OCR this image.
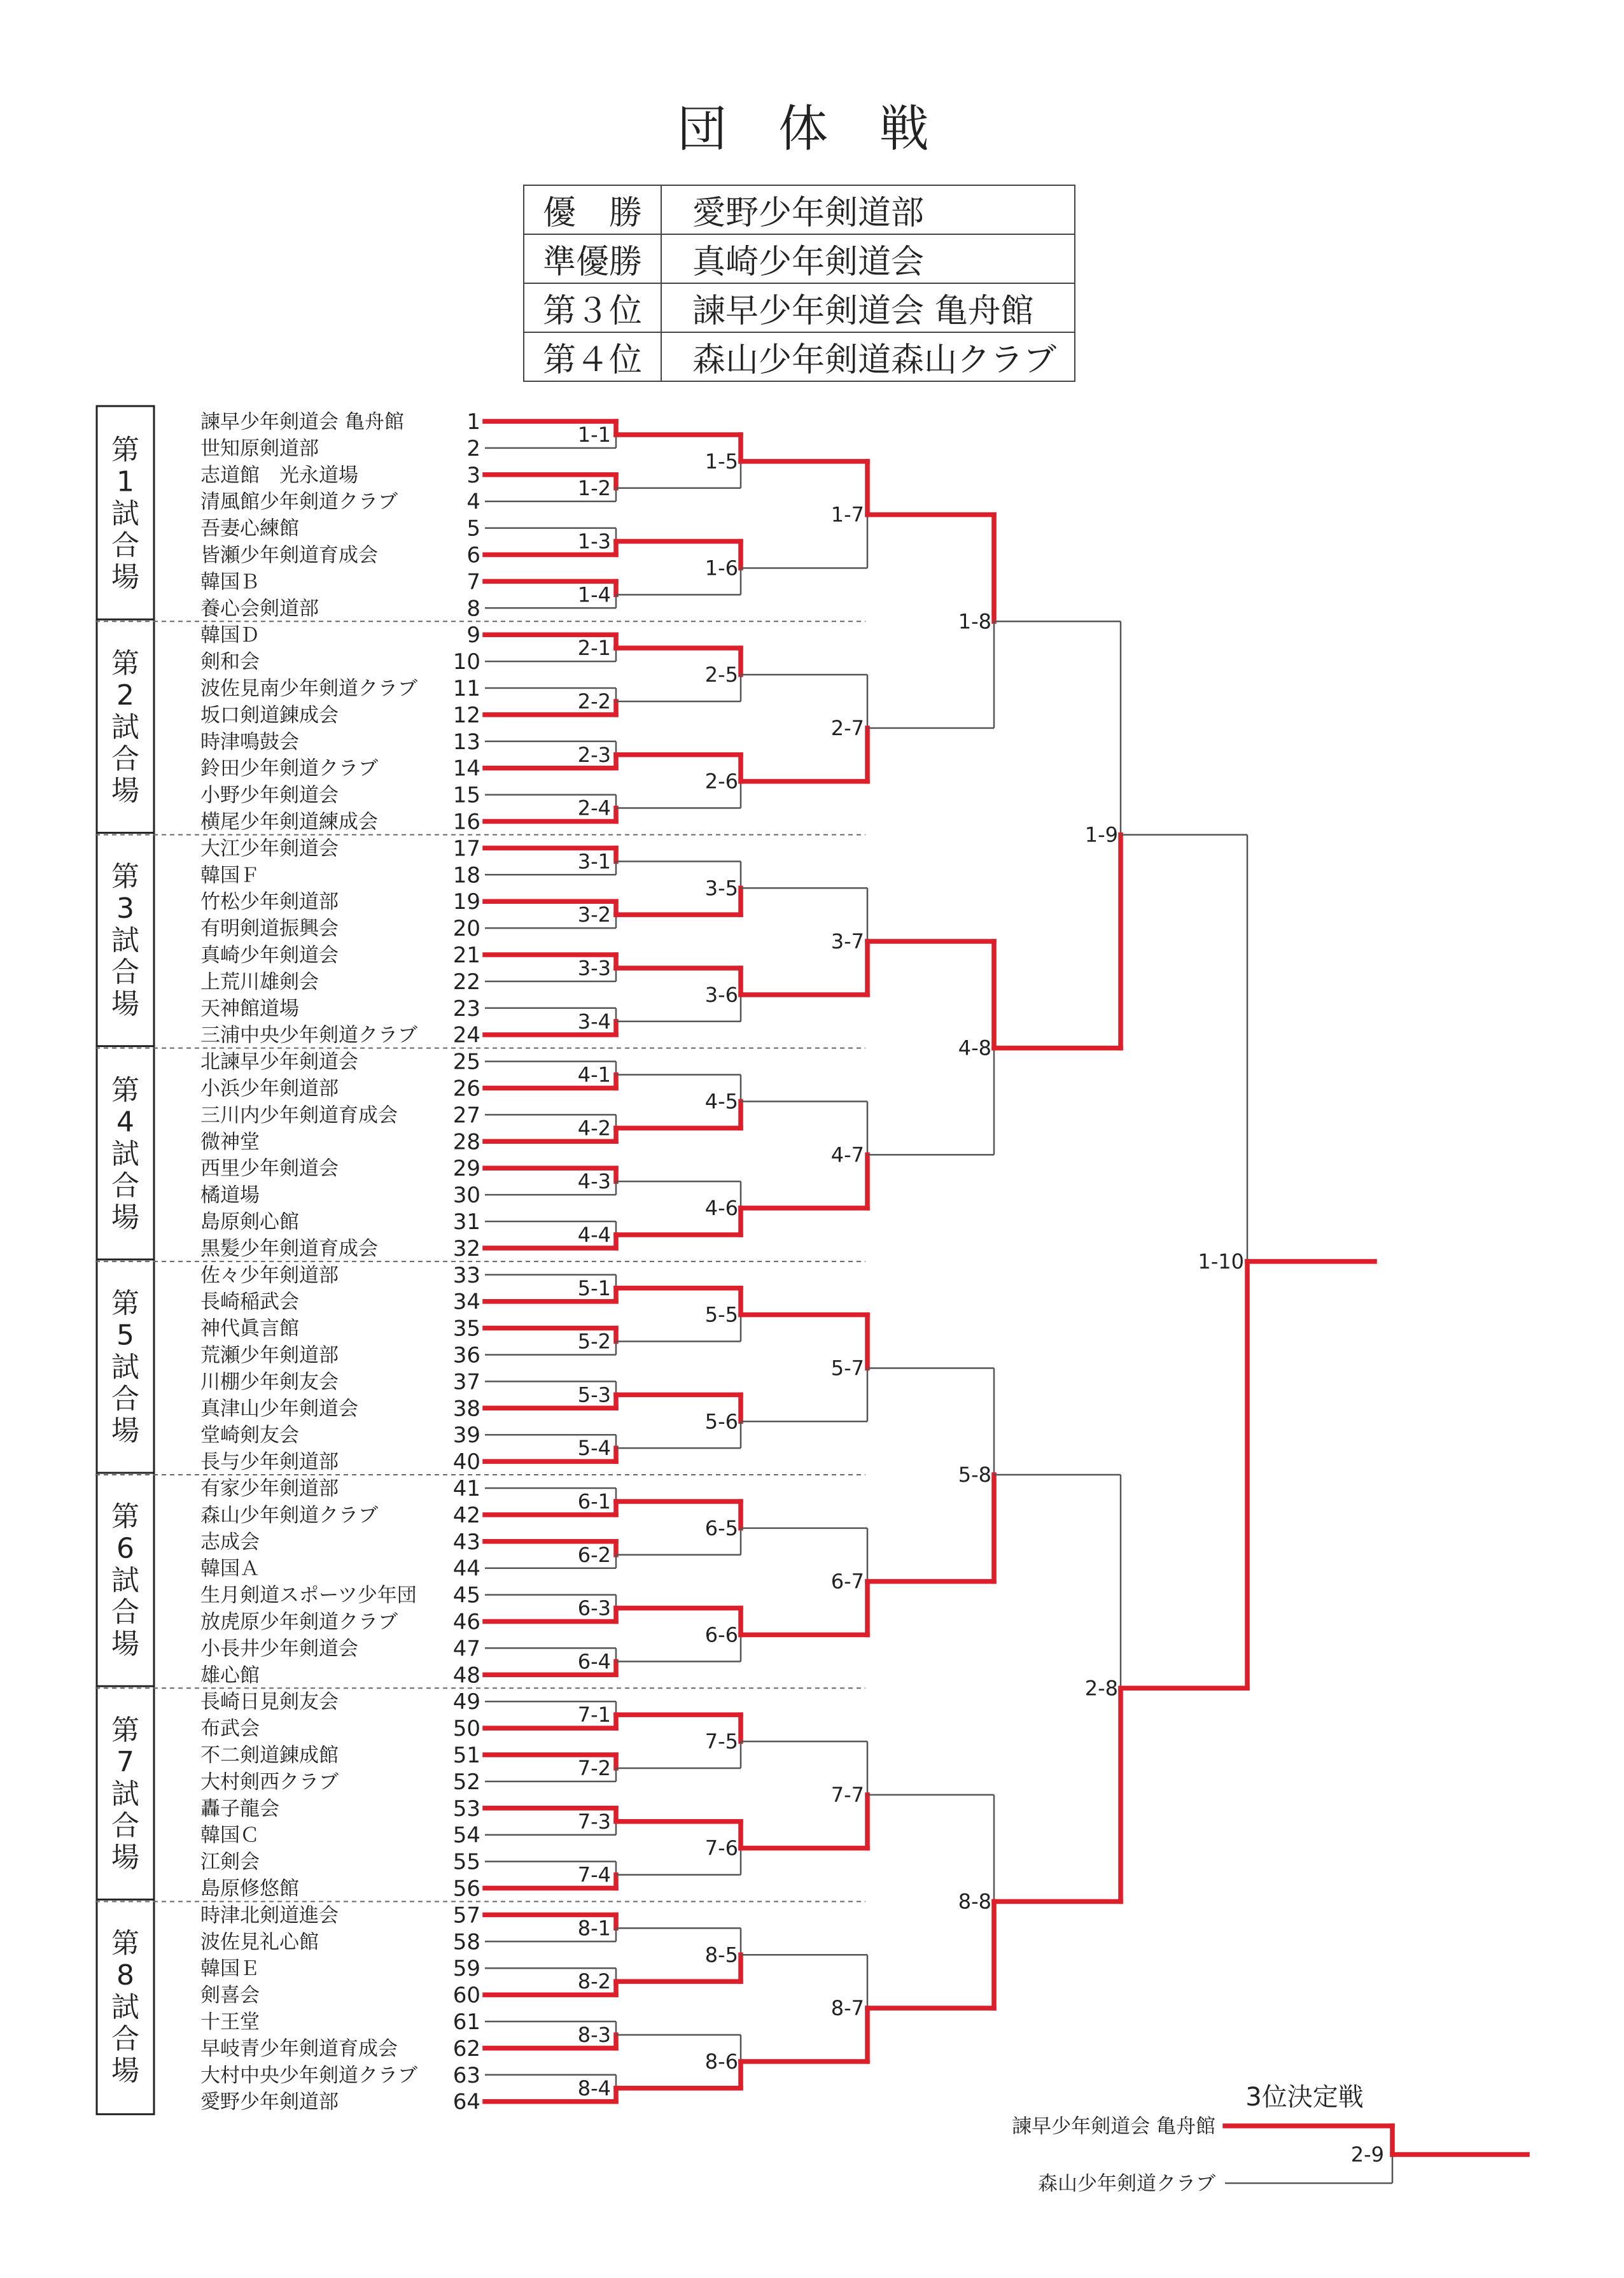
団 体 戦
優　勝	愛野少年剣道部
準優勝	真崎少年剣道会
第３位	諫早少年剣道会 亀舟館
第４位	森山少年剣道森山クラブ
第
1
試
合
場
第
2
試
合
場
第
3
試
合
場
第
4
試
合
場
第
5
試
合
場
第
6
試
合
場
第
7
試
合
場
第
8
試
合
場
諫早少年剣道会 亀舟館	1
世知原剣道部	2
志道館　光永道場	3
清風館少年剣道クラブ	4
吾妻心練館	5
皆瀬少年剣道育成会	6
韓国Ｂ	7
養心会剣道部	8
韓国Ｄ	9
剣和会	10
波佐見南少年剣道クラブ 11
坂口剣道錬成会	12
時津鳴鼓会	13
鈴田少年剣道クラブ	14
小野少年剣道会	15
横尾少年剣道練成会	16
大江少年剣道会	17
韓国Ｆ	18
竹松少年剣道部	19
有明剣道振興会	20
真崎少年剣道会	21
上荒川雄剣会	22
天神館道場	23
三浦中央少年剣道クラブ 24
北諫早少年剣道会	25
小浜少年剣道部	26
三川内少年剣道育成会	27
微神堂	28
西里少年剣道会	29
橘道場	30
島原剣心館	31
黒髪少年剣道育成会	32
佐々少年剣道部	33
長崎稲武会	34
神代眞言館	35
荒瀬少年剣道部	36
川棚少年剣友会	37
真津山少年剣道会	38
堂崎剣友会	39
長与少年剣道部	40
有家少年剣道部	41
森山少年剣道クラブ	42
志成会	43
韓国Ａ	44
生月剣道スポーツ少年団 45
放虎原少年剣道クラブ	46
小長井少年剣道会	47
雄心館	48
長崎日見剣友会	49
布武会	50
不二剣道錬成館	51
大村剣西クラブ	52
轟子龍会	53
韓国Ｃ	54
江剣会	55
島原修悠館	56
時津北剣道進会	57
波佐見礼心館	58
韓国Ｅ	59
剣喜会	60
十王堂	61
早岐青少年剣道育成会	62
大村中央少年剣道クラブ 63
愛野少年剣道部	64
1-1
1-2
1-3
1-4
2-1
2-2
2-3
2-4
3-1
3-2
3-3
3-4
4-1
4-2
4-3
4-4
5-1
5-2
5-3
5-4
6-1
6-2
6-3
6-4
7-1
7-2
7-3
7-4
8-1
8-2
8-3
8-4
1-5
1-6
2-5
2-6
3-5
3-6
4-5
4-6
5-5
5-6
6-5
6-6
7-5
7-6
8-5
8-6
1-7
2-7
3-7
4-7
5-7
6-7
7-7
8-7
1-8
4-8
5-8
8-8
1-9
2-8
1-10
3位決定戦
諫早少年剣道会 亀舟館
森山少年剣道クラブ
2-9
